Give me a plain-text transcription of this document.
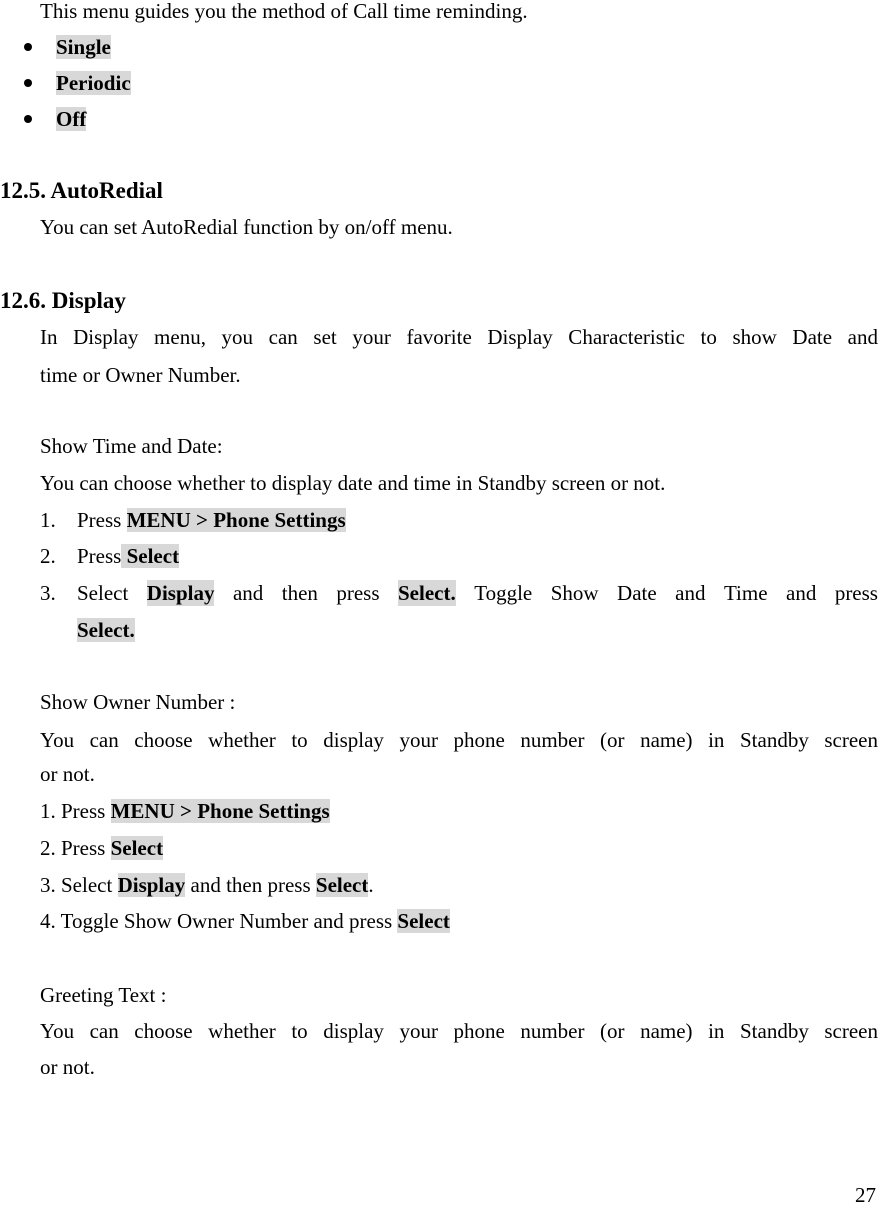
This menu guides you the method of Call time reminding.
Single
Periodic
Off
12.5. AutoRedial
You can set AutoRedial function by on/off menu.
12.6. Display
In Display menu, you can set your favorite Display Characteristic to show Date and
time or Owner Number.
Show Time and Date:
You can choose whether to display date and time in Standby screen or not.
1. Press MENU > Phone Settings
2. Press Select
3. Select Display and then press Select. Toggle Show Date and Time and press
Select.
Show Owner Number :
You can choose whether to display your phone number (or name) in Standby screen
or not.
1. Press MENU > Phone Settings
2. Press Select
3. Select Display and then press Select.
4. Toggle Show Owner Number and press Select
Greeting Text :
You can choose whether to display your phone number (or name) in Standby screen
or not.
27
